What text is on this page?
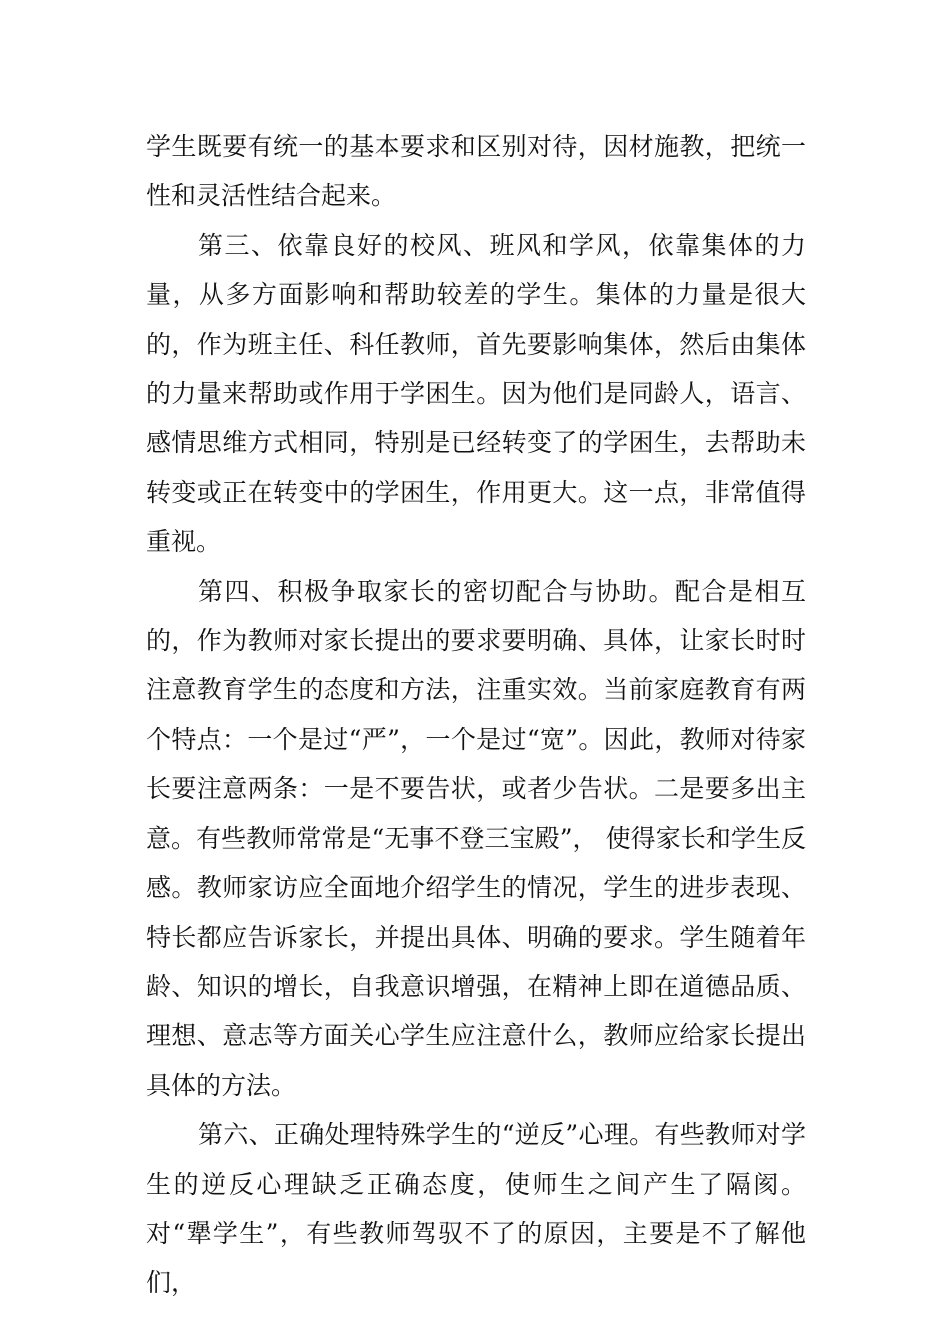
学生既要有统一的基本要求和区别对待，因材施教，把统一性和灵活性结合起来。

第三、依靠良好的校风、班风和学风，依靠集体的力量，从多方面影响和帮助较差的学生。集体的力量是很大的，作为班主任、科任教师，首先要影响集体，然后由集体的力量来帮助或作用于学困生。因为他们是同龄人，语言、感情思维方式相同，特别是已经转变了的学困生，去帮助未转变或正在转变中的学困生，作用更大。这一点，非常值得重视。

第四、积极争取家长的密切配合与协助。配合是相互的，作为教师对家长提出的要求要明确、具体，让家长时时注意教育学生的态度和方法，注重实效。当前家庭教育有两个特点：一个是过“严”，一个是过“宽”。因此，教师对待家长要注意两条：一是不要告状，或者少告状。二是要多出主意。有些教师常常是“无事不登三宝殿”， 使得家长和学生反感。教师家访应全面地介绍学生的情况，学生的进步表现、特长都应告诉家长，并提出具体、明确的要求。学生随着年龄、知识的增长，自我意识增强，在精神上即在道德品质、理想、意志等方面关心学生应注意什么，教师应给家长提出具体的方法。

第六、正确处理特殊学生的“逆反”心理。有些教师对学生的逆反心理缺乏正确态度，使师生之间产生了隔阂。对“犟学生”，有些教师驾驭不了的原因，主要是不了解他们，
